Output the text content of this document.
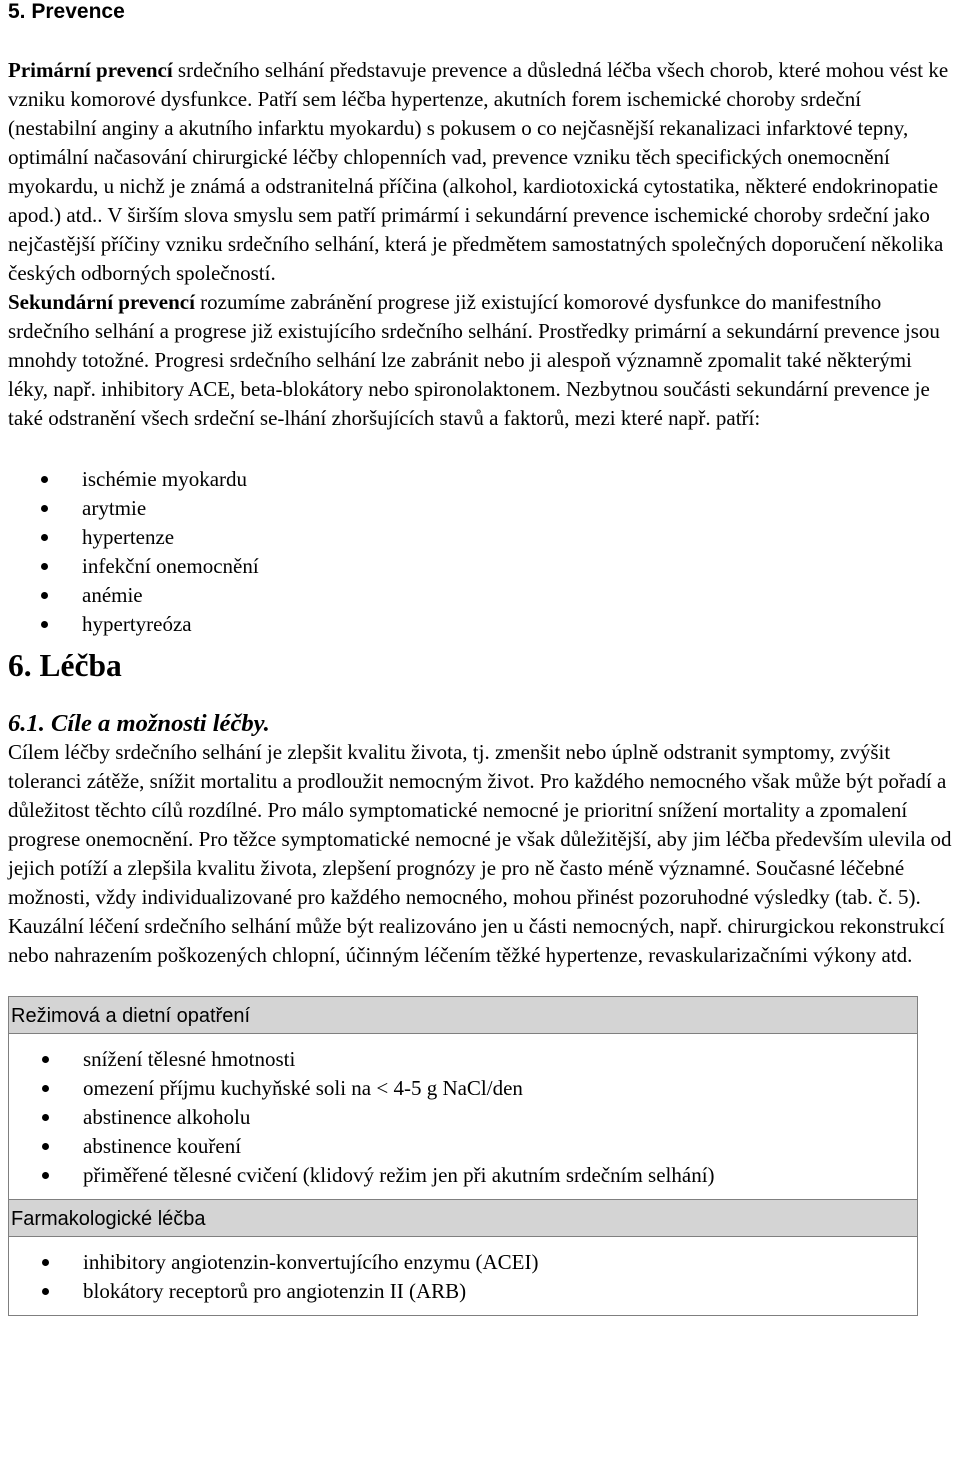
5. Prevence

Primární prevencí srdečního selhání představuje prevence a důsledná léčba všech chorob, které mohou vést ke vzniku komorové dysfunkce. Patří sem léčba hypertenze, akutních forem ischemické choroby srdeční (nestabilní anginy a akutního infarktu myokardu) s pokusem o co nejčasnější rekanalizaci infarktové tepny, optimální načasování chirurgické léčby chlopenních vad, prevence vzniku těch specifických onemocnění myokardu, u nichž je známá a odstranitelná příčina (alkohol, kardiotoxická cytostatika, některé endokrinopatie apod.) atd.. V širším slova smyslu sem patří primármí i sekundární prevence ischemické choroby srdeční jako nejčastější příčiny vzniku srdečního selhání, která je předmětem samostatných společných doporučení několika českých odborných společností.

Sekundární prevencí rozumíme zabránění progrese již existující komorové dysfunkce do manifestního srdečního selhání a progrese již existujícího srdečního selhání. Prostředky primární a sekundární prevence jsou mnohdy totožné. Progresi srdečního selhání lze zabránit nebo ji alespoň významně zpomalit také některými léky, např. inhibitory ACE, beta-blokátory nebo spironolaktonem. Nezbytnou součásti sekundární prevence je také odstranění všech srdeční se-lhání zhoršujících stavů a faktorů, mezi které např. patří:

ischémie myokardu
arytmie
hypertenze
infekční onemocnění
anémie
hypertyreóza
6. Léčba
6.1. Cíle a možnosti léčby.

Cílem léčby srdečního selhání je zlepšit kvalitu života, tj. zmenšit nebo úplně odstranit symptomy, zvýšit toleranci zátěže, snížit mortalitu a prodloužit nemocným život. Pro každého nemocného však může být pořadí a důležitost těchto cílů rozdílné. Pro málo symptomatické nemocné je prioritní snížení mortality a zpomalení progrese onemocnění. Pro těžce symptomatické nemocné je však důležitější, aby jim léčba především ulevila od jejich potíží a zlepšila kvalitu života, zlepšení prognózy je pro ně často méně významné. Současné léčebné možnosti, vždy individualizované pro každého nemocného, mohou přinést pozoruhodné výsledky (tab. č. 5). Kauzální léčení srdečního selhání může být realizováno jen u části nemocných, např. chirurgickou rekonstrukcí nebo nahrazením poškozených chlopní, účinným léčením těžké hypertenze, revaskularizačními výkony atd.

Režimová a dietní opatření
snížení tělesné hmotnosti
omezení příjmu kuchyňské soli na < 4-5 g NaCl/den
abstinence alkoholu
abstinence kouření
přiměřené tělesné cvičení (klidový režim jen při akutním srdečním selhání)
Farmakologické léčba
inhibitory angiotenzin-konvertujícího enzymu (ACEI)
blokátory receptorů pro angiotenzin II (ARB)
